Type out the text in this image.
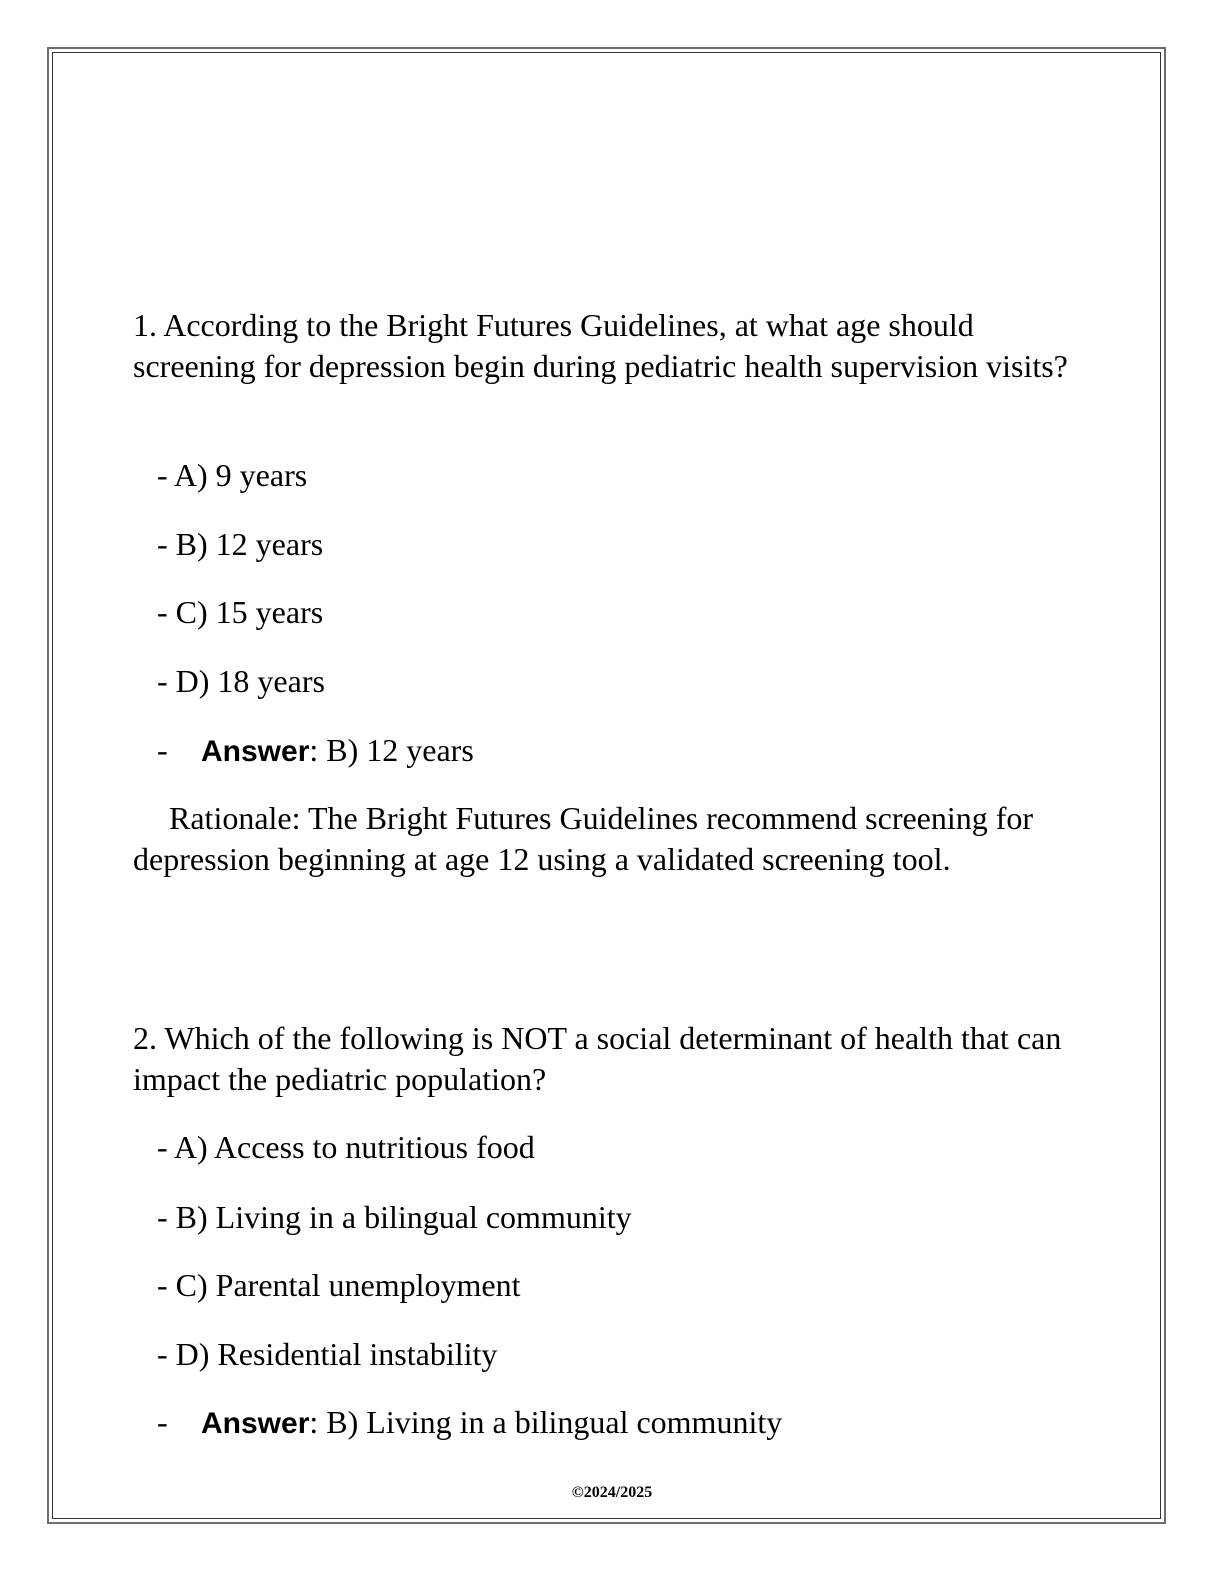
1. According to the Bright Futures Guidelines, at what age should screening for depression begin during pediatric health supervision visits?
- A) 9 years
- B) 12 years
- C) 15 years
- D) 18 years
- Answer: B) 12 years
Rationale: The Bright Futures Guidelines recommend screening for depression beginning at age 12 using a validated screening tool.
2. Which of the following is NOT a social determinant of health that can impact the pediatric population?
- A) Access to nutritious food
- B) Living in a bilingual community
- C) Parental unemployment
- D) Residential instability
- Answer: B) Living in a bilingual community
©2024/2025
